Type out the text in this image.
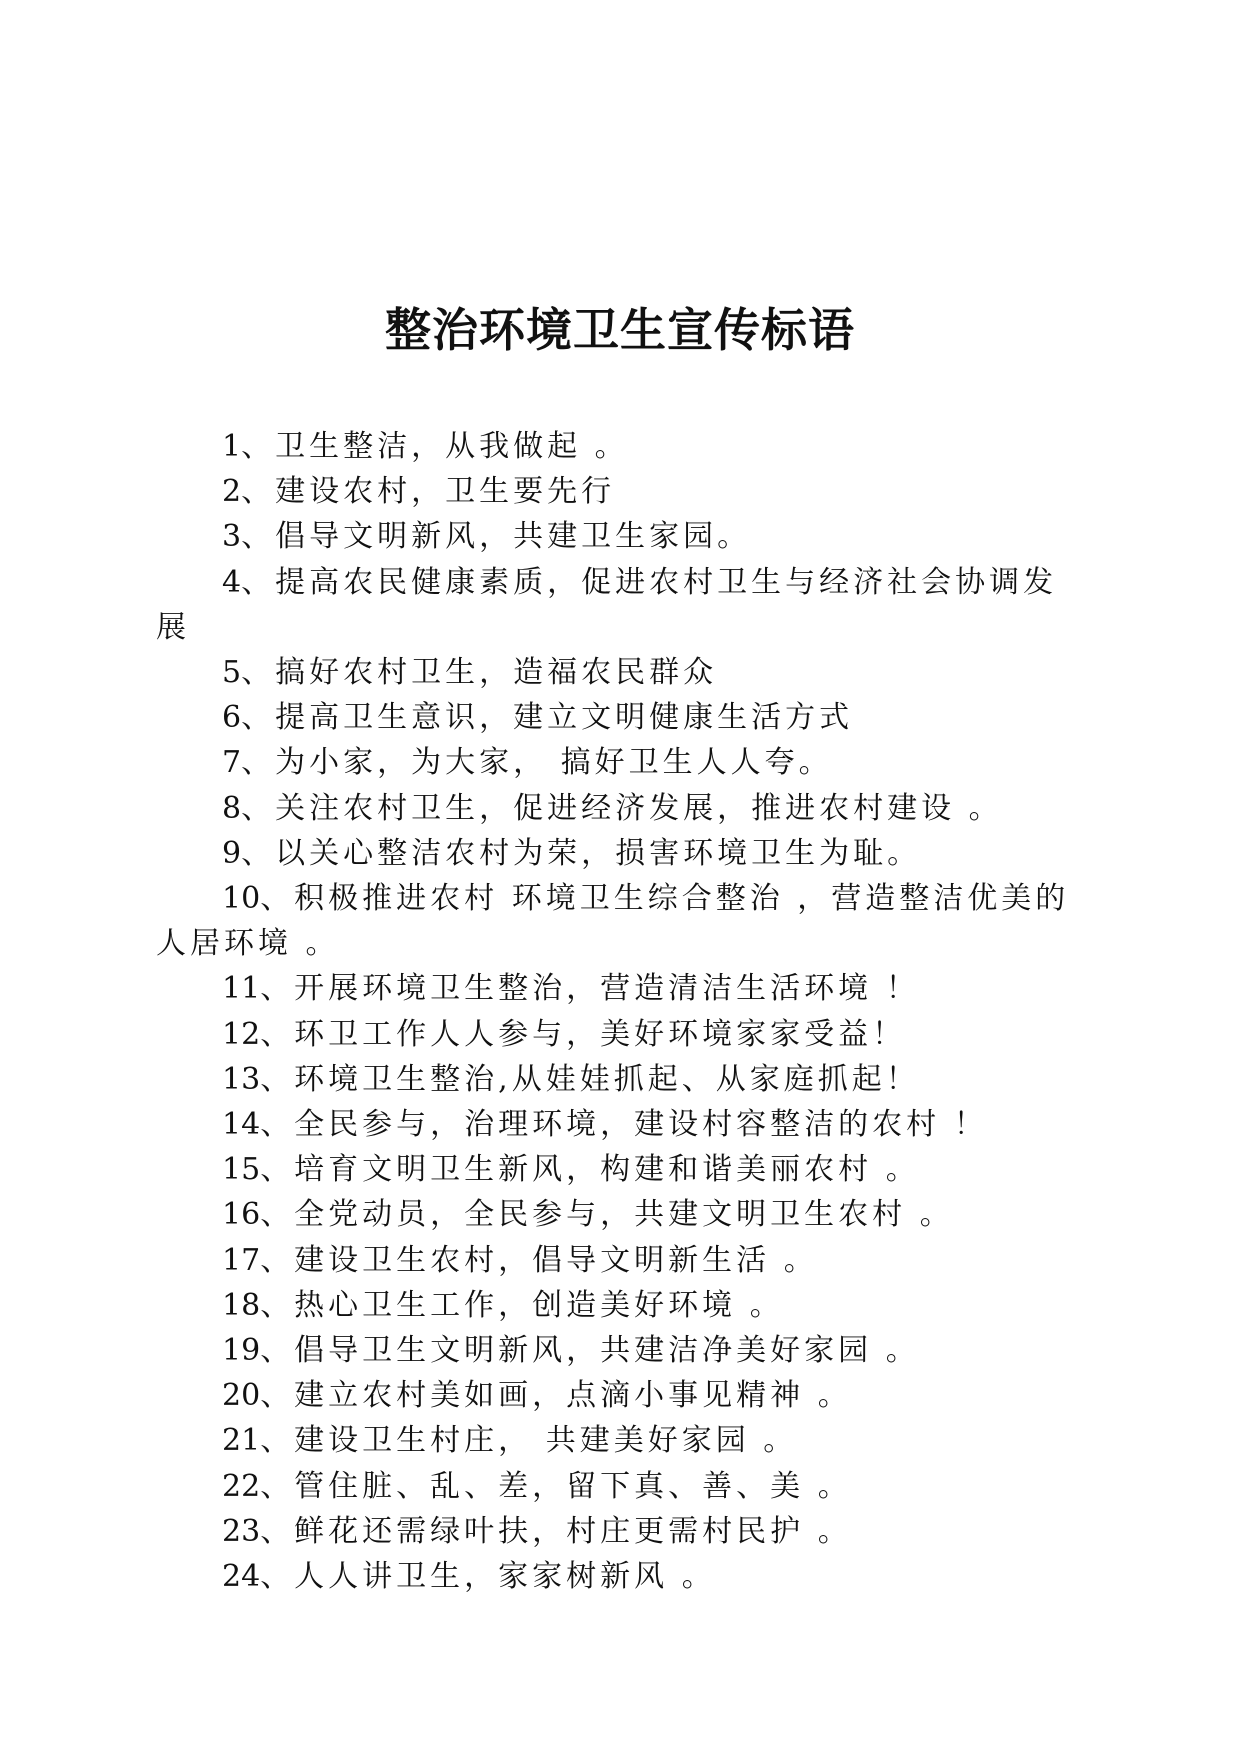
整治环境卫生宣传标语
1、卫生整洁，从我做起 。
2、建设农村，卫生要先行
3、倡导文明新风，共建卫生家园。
4、提高农民健康素质，促进农村卫生与经济社会协调发展
5、搞好农村卫生，造福农民群众
6、提高卫生意识，建立文明健康生活方式
7、为小家，为大家， 搞好卫生人人夸。
8、关注农村卫生，促进经济发展，推进农村建设 。
9、以关心整洁农村为荣，损害环境卫生为耻。
10、积极推进农村 环境卫生综合整治 ，营造整洁优美的人居环境 。
11、开展环境卫生整治，营造清洁生活环境 ！
12、环卫工作人人参与，美好环境家家受益！
13、环境卫生整治,从娃娃抓起、从家庭抓起！
14、全民参与，治理环境，建设村容整洁的农村 ！
15、培育文明卫生新风，构建和谐美丽农村 。
16、全党动员，全民参与，共建文明卫生农村 。
17、建设卫生农村，倡导文明新生活 。
18、热心卫生工作，创造美好环境 。
19、倡导卫生文明新风，共建洁净美好家园 。
20、建立农村美如画，点滴小事见精神 。
21、建设卫生村庄， 共建美好家园 。
22、管住脏、乱、差，留下真、善、美 。
23、鲜花还需绿叶扶，村庄更需村民护 。
24、人人讲卫生，家家树新风 。
